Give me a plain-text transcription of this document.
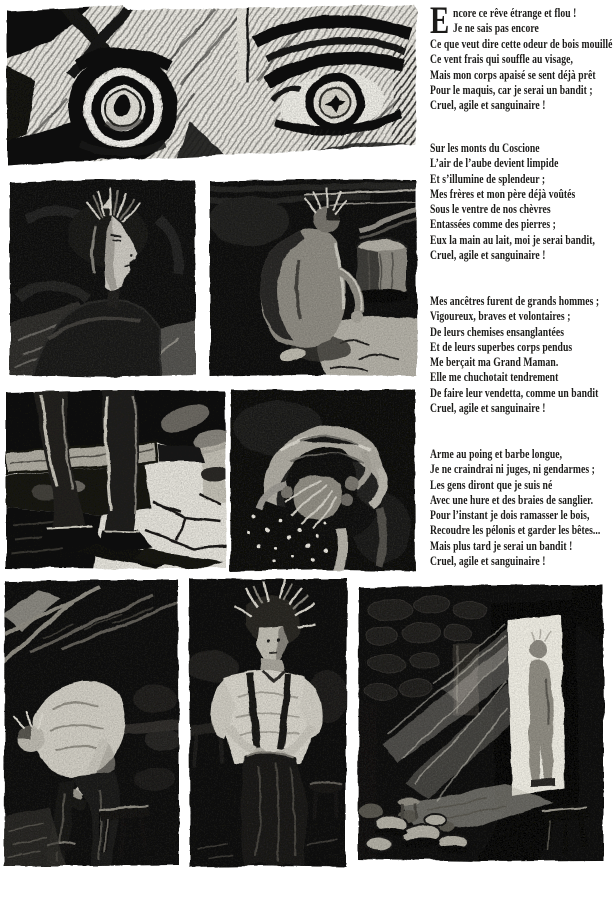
E ncore ce rêve étrange et flou !
Je ne sais pas encore
Ce que veut dire cette odeur de bois mouillé
Ce vent frais qui souffle au visage,
Mais mon corps apaisé se sent déjà prêt
Pour le maquis, car je serai un bandit ;
Cruel, agile et sanguinaire !
Sur les monts du Coscione
L’air de l’aube devient limpide
Et s’illumine de splendeur ;
Mes frères et mon père déjà voûtés
Sous le ventre de nos chèvres
Entassées comme des pierres ;
Eux la main au lait, moi je serai bandit,
Cruel, agile et sanguinaire !
Mes ancêtres furent de grands hommes ;
Vigoureux, braves et volontaires ;
De leurs chemises ensanglantées
Et de leurs superbes corps pendus
Me berçait ma Grand Maman.
Elle me chuchotait tendrement
De faire leur vendetta, comme un bandit
Cruel, agile et sanguinaire !
Arme au poing et barbe longue,
Je ne craindrai ni juges, ni gendarmes ;
Les gens diront que je suis né
Avec une hure et des braies de sanglier.
Pour l’instant je dois ramasser le bois,
Recoudre les pélonis et garder les bêtes...
Mais plus tard je serai un bandit !
Cruel, agile et sanguinaire !
